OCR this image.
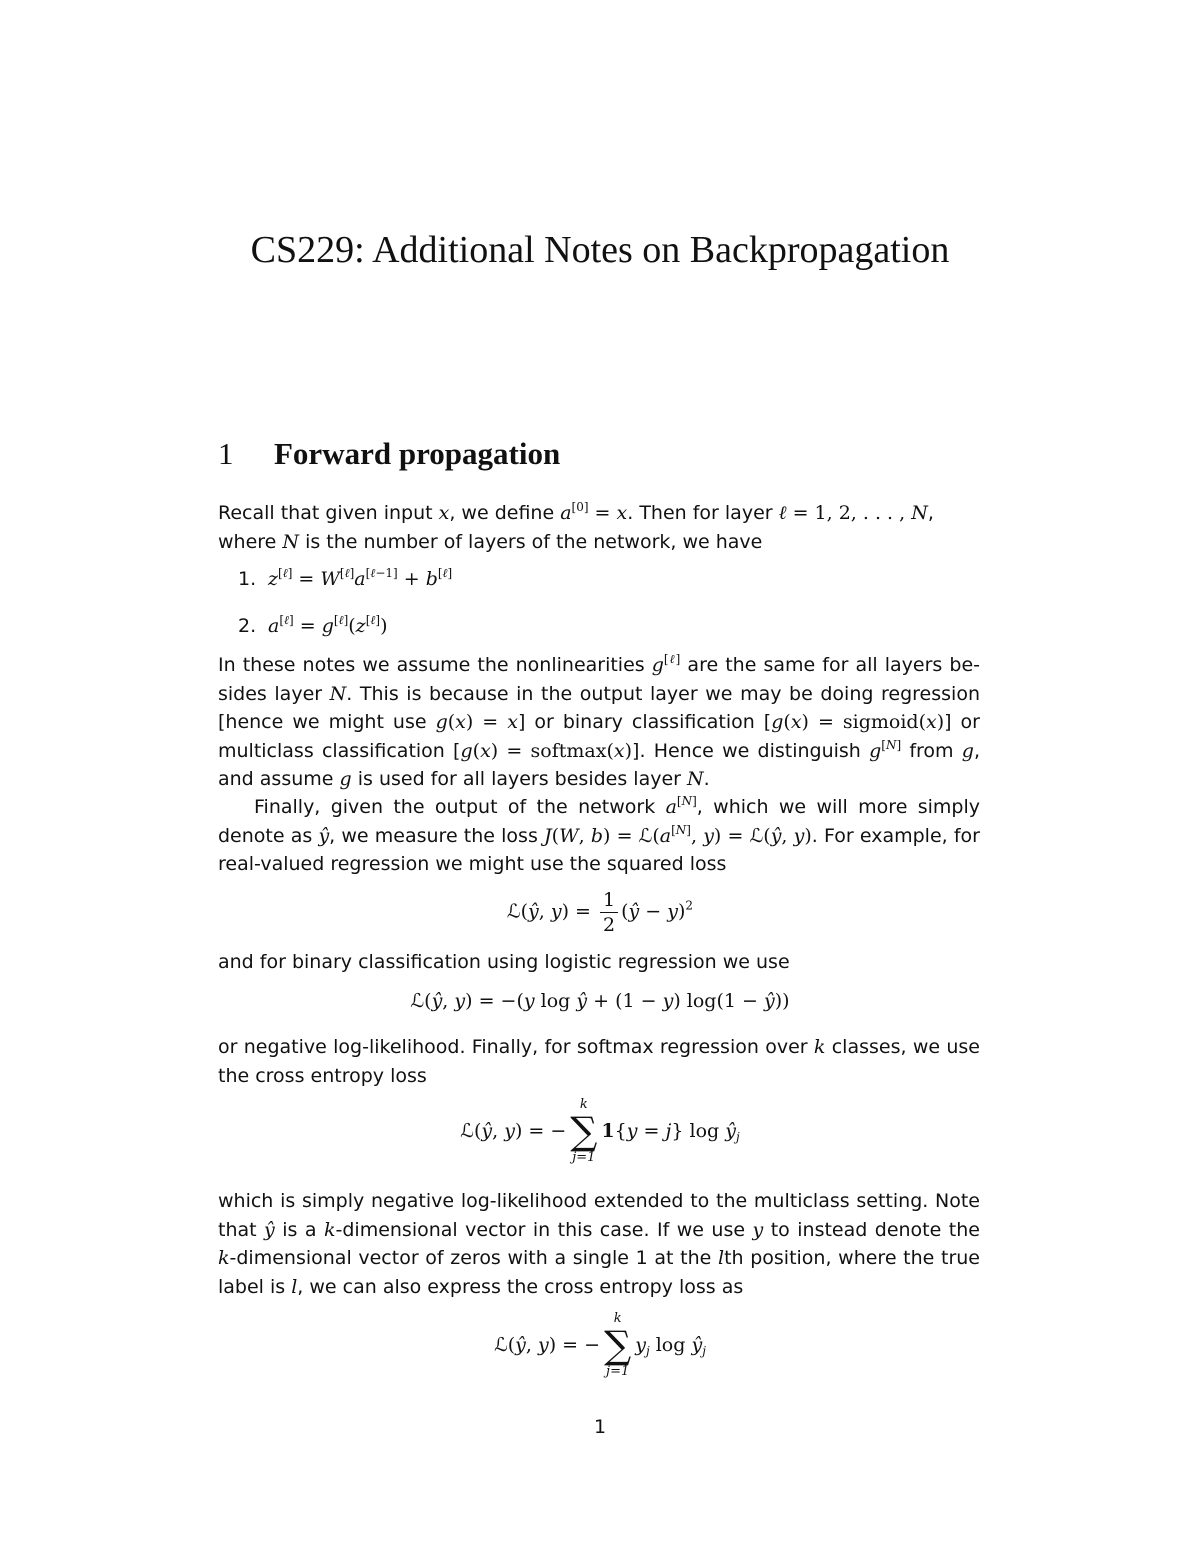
CS229: Additional Notes on Backpropagation
1 Forward propagation

Recall that given input x, we define a[0] = x. Then for layer ℓ = 1, 2, . . . , N,
where N is the number of layers of the network, we have

1. z[ℓ] = W[ℓ]a[ℓ−1] + b[ℓ]
2. a[ℓ] = g[ℓ](z[ℓ])

In these notes we assume the nonlinearities g[ℓ] are the same for all layers be-sides layer N. This is because in the output layer we may be doing regression [hence we might use g(x) = x] or binary classification [g(x) = sigmoid(x)] or multiclass classification [g(x) = softmax(x)]. Hence we distinguish g[N] from g, and assume g is used for all layers besides layer N.

Finally, given the output of the network a[N], which we will more simply denote as ŷ, we measure the loss J(W, b) = ℒ(a[N], y) = ℒ(ŷ, y). For example, for real-valued regression we might use the squared loss

ℒ(ŷ, $y) = \frac{1}{2}$ (ŷ − y)$^2$

and for binary classification using logistic regression we use

ℒ(ŷ, y) = −(y log ŷ + (1 − y) log(1 − ŷ))

or negative log-likelihood. Finally, for softmax regression over k classes, we use the cross entropy loss

ℒ(ŷ, y) = −
k
∑
j=1
1{y = j} $\log ŷ_j$

which is simply negative log-likelihood extended to the multiclass setting. Note that ŷ is a k-dimensional vector in this case. If we use y to instead denote the k-dimensional vector of zeros with a single 1 at the lth position, where the true label is l, we can also express the cross entropy loss as

ℒ(ŷ, y) = −
k
∑
j=1
$y_j$ $\log ŷ_j$
1
